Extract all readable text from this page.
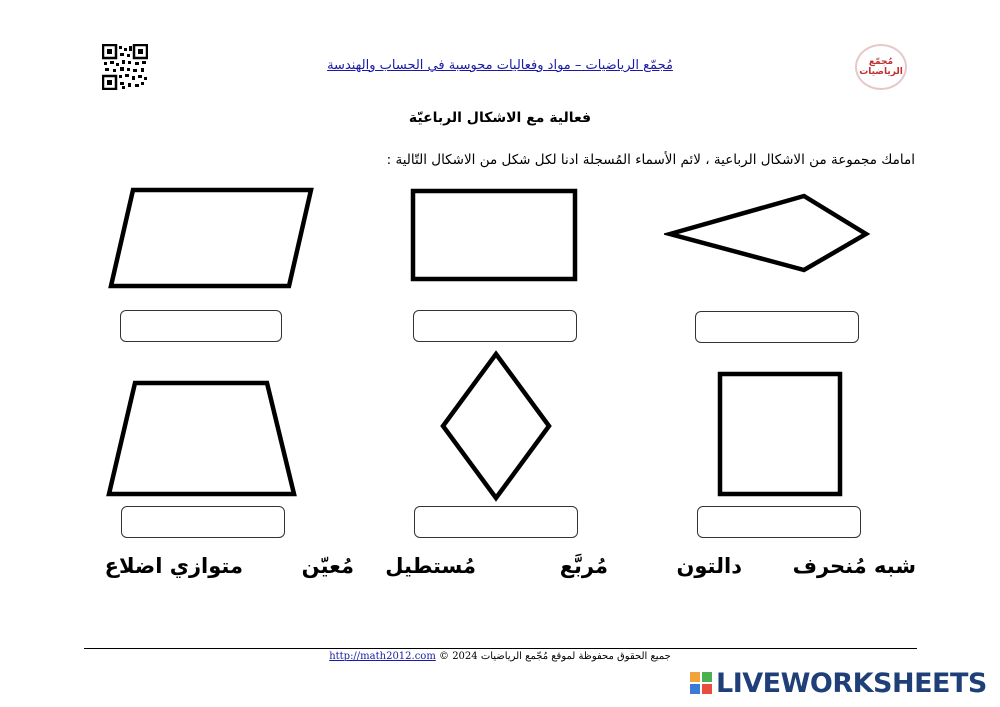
مُجمّع الرياضيات – مواد وفعاليات محوسبة في الحساب والهندسة	مُجمّع الرياضيات
فعالية مع الاشكال الرباعيّة
امامك مجموعة من الاشكال الرباعية ، لائم الأسماء المُسجلة ادنا لكل شكل من الاشكال التّالية :
شبه مُنحرف
دالتون
مُربَّع
مُستطيل
مُعيّن
متوازي اضلاع
جميع الحقوق محفوظة لموقع مُجّمع الرياضيات 2024 © http://math2012.com
LIVEWORKSHEETS
